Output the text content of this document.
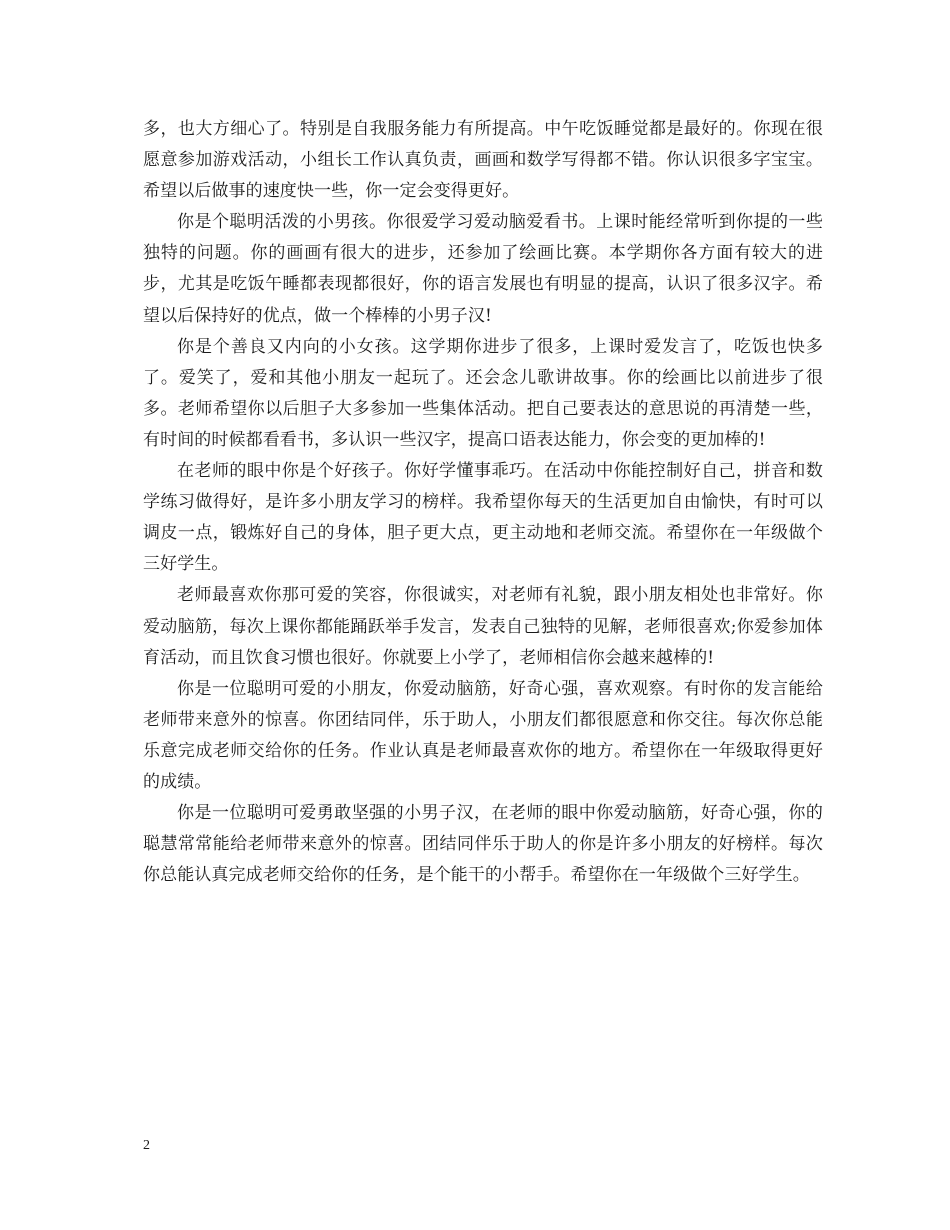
多，也大方细心了。特别是自我服务能力有所提高。中午吃饭睡觉都是最好的。你现在很愿意参加游戏活动，小组长工作认真负责，画画和数学写得都不错。你认识很多字宝宝。希望以后做事的速度快一些，你一定会变得更好。

你是个聪明活泼的小男孩。你很爱学习爱动脑爱看书。上课时能经常听到你提的一些独特的问题。你的画画有很大的进步，还参加了绘画比赛。本学期你各方面有较大的进步，尤其是吃饭午睡都表现都很好，你的语言发展也有明显的提高，认识了很多汉字。希望以后保持好的优点，做一个棒棒的小男子汉!

你是个善良又内向的小女孩。这学期你进步了很多，上课时爱发言了，吃饭也快多了。爱笑了，爱和其他小朋友一起玩了。还会念儿歌讲故事。你的绘画比以前进步了很多。老师希望你以后胆子大多参加一些集体活动。把自己要表达的意思说的再清楚一些，有时间的时候都看看书，多认识一些汉字，提高口语表达能力，你会变的更加棒的!

在老师的眼中你是个好孩子。你好学懂事乖巧。在活动中你能控制好自己，拼音和数学练习做得好，是许多小朋友学习的榜样。我希望你每天的生活更加自由愉快，有时可以调皮一点，锻炼好自己的身体，胆子更大点，更主动地和老师交流。希望你在一年级做个三好学生。

老师最喜欢你那可爱的笑容，你很诚实，对老师有礼貌，跟小朋友相处也非常好。你爱动脑筋，每次上课你都能踊跃举手发言，发表自己独特的见解，老师很喜欢;你爱参加体育活动，而且饮食习惯也很好。你就要上小学了，老师相信你会越来越棒的!

你是一位聪明可爱的小朋友，你爱动脑筋，好奇心强，喜欢观察。有时你的发言能给老师带来意外的惊喜。你团结同伴，乐于助人，小朋友们都很愿意和你交往。每次你总能乐意完成老师交给你的任务。作业认真是老师最喜欢你的地方。希望你在一年级取得更好的成绩。

你是一位聪明可爱勇敢坚强的小男子汉，在老师的眼中你爱动脑筋，好奇心强，你的聪慧常常能给老师带来意外的惊喜。团结同伴乐于助人的你是许多小朋友的好榜样。每次你总能认真完成老师交给你的任务，是个能干的小帮手。希望你在一年级做个三好学生。

2
